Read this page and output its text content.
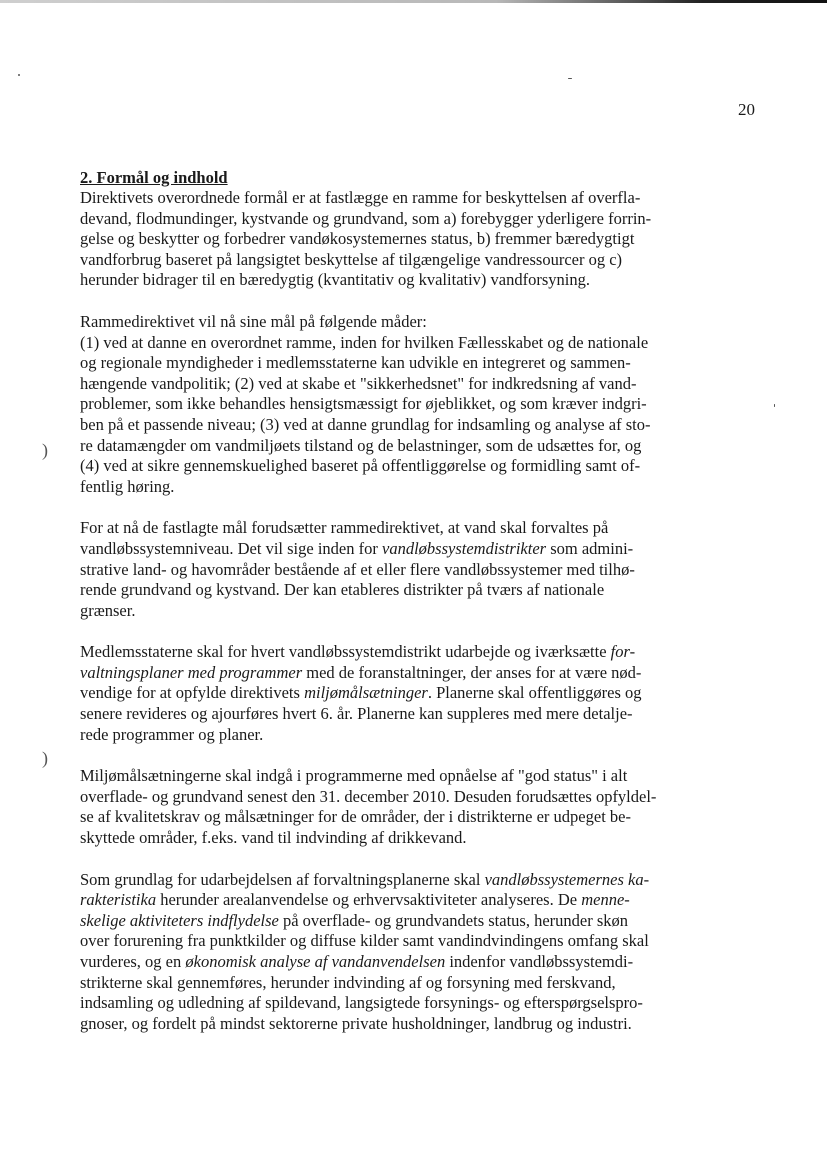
)
)

20

2. Formål og indhold

Direktivets overordnede formål er at fastlægge en ramme for beskyttelsen af overfla-
devand, flodmundinger, kystvande og grundvand, som a) forebygger yderligere forrin-
gelse og beskytter og forbedrer vandøkosystemernes status, b) fremmer bæredygtigt
vandforbrug baseret på langsigtet beskyttelse af tilgængelige vandressourcer og c)
herunder bidrager til en bæredygtig (kvantitativ og kvalitativ) vandforsyning.

Rammedirektivet vil nå sine mål på følgende måder:
(1) ved at danne en overordnet ramme, inden for hvilken Fællesskabet og de nationale
og regionale myndigheder i medlemsstaterne kan udvikle en integreret og sammen-
hængende vandpolitik; (2) ved at skabe et "sikkerhedsnet" for indkredsning af vand-
problemer, som ikke behandles hensigtsmæssigt for øjeblikket, og som kræver indgri-
ben på et passende niveau; (3) ved at danne grundlag for indsamling og analyse af sto-
re datamængder om vandmiljøets tilstand og de belastninger, som de udsættes for, og
(4) ved at sikre gennemskuelighed baseret på offentliggørelse og formidling samt of-
fentlig høring.

For at nå de fastlagte mål forudsætter rammedirektivet, at vand skal forvaltes på
vandløbssystemniveau. Det vil sige inden for vandløbssystemdistrikter som admini-
strative land- og havområder bestående af et eller flere vandløbssystemer med tilhø-
rende grundvand og kystvand. Der kan etableres distrikter på tværs af nationale
grænser.

Medlemsstaterne skal for hvert vandløbssystemdistrikt udarbejde og iværksætte for-
valtningsplaner med programmer med de foranstaltninger, der anses for at være nød-
vendige for at opfylde direktivets miljømålsætninger. Planerne skal offentliggøres og
senere revideres og ajourføres hvert 6. år. Planerne kan suppleres med mere detalje-
rede programmer og planer.

Miljømålsætningerne skal indgå i programmerne med opnåelse af "god status" i alt
overflade- og grundvand senest den 31. december 2010. Desuden forudsættes opfyldel-
se af kvalitetskrav og målsætninger for de områder, der i distrikterne er udpeget be-
skyttede områder, f.eks. vand til indvinding af drikkevand.

Som grundlag for udarbejdelsen af forvaltningsplanerne skal vandløbssystemernes ka-
rakteristika herunder arealanvendelse og erhvervsaktiviteter analyseres. De menne-
skelige aktiviteters indflydelse på overflade- og grundvandets status, herunder skøn
over forurening fra punktkilder og diffuse kilder samt vandindvindingens omfang skal
vurderes, og en økonomisk analyse af vandanvendelsen indenfor vandløbssystemdi-
strikterne skal gennemføres, herunder indvinding af og forsyning med ferskvand,
indsamling og udledning af spildevand, langsigtede forsynings- og efterspørgselspro-
gnoser, og fordelt på mindst sektorerne private husholdninger, landbrug og industri.
